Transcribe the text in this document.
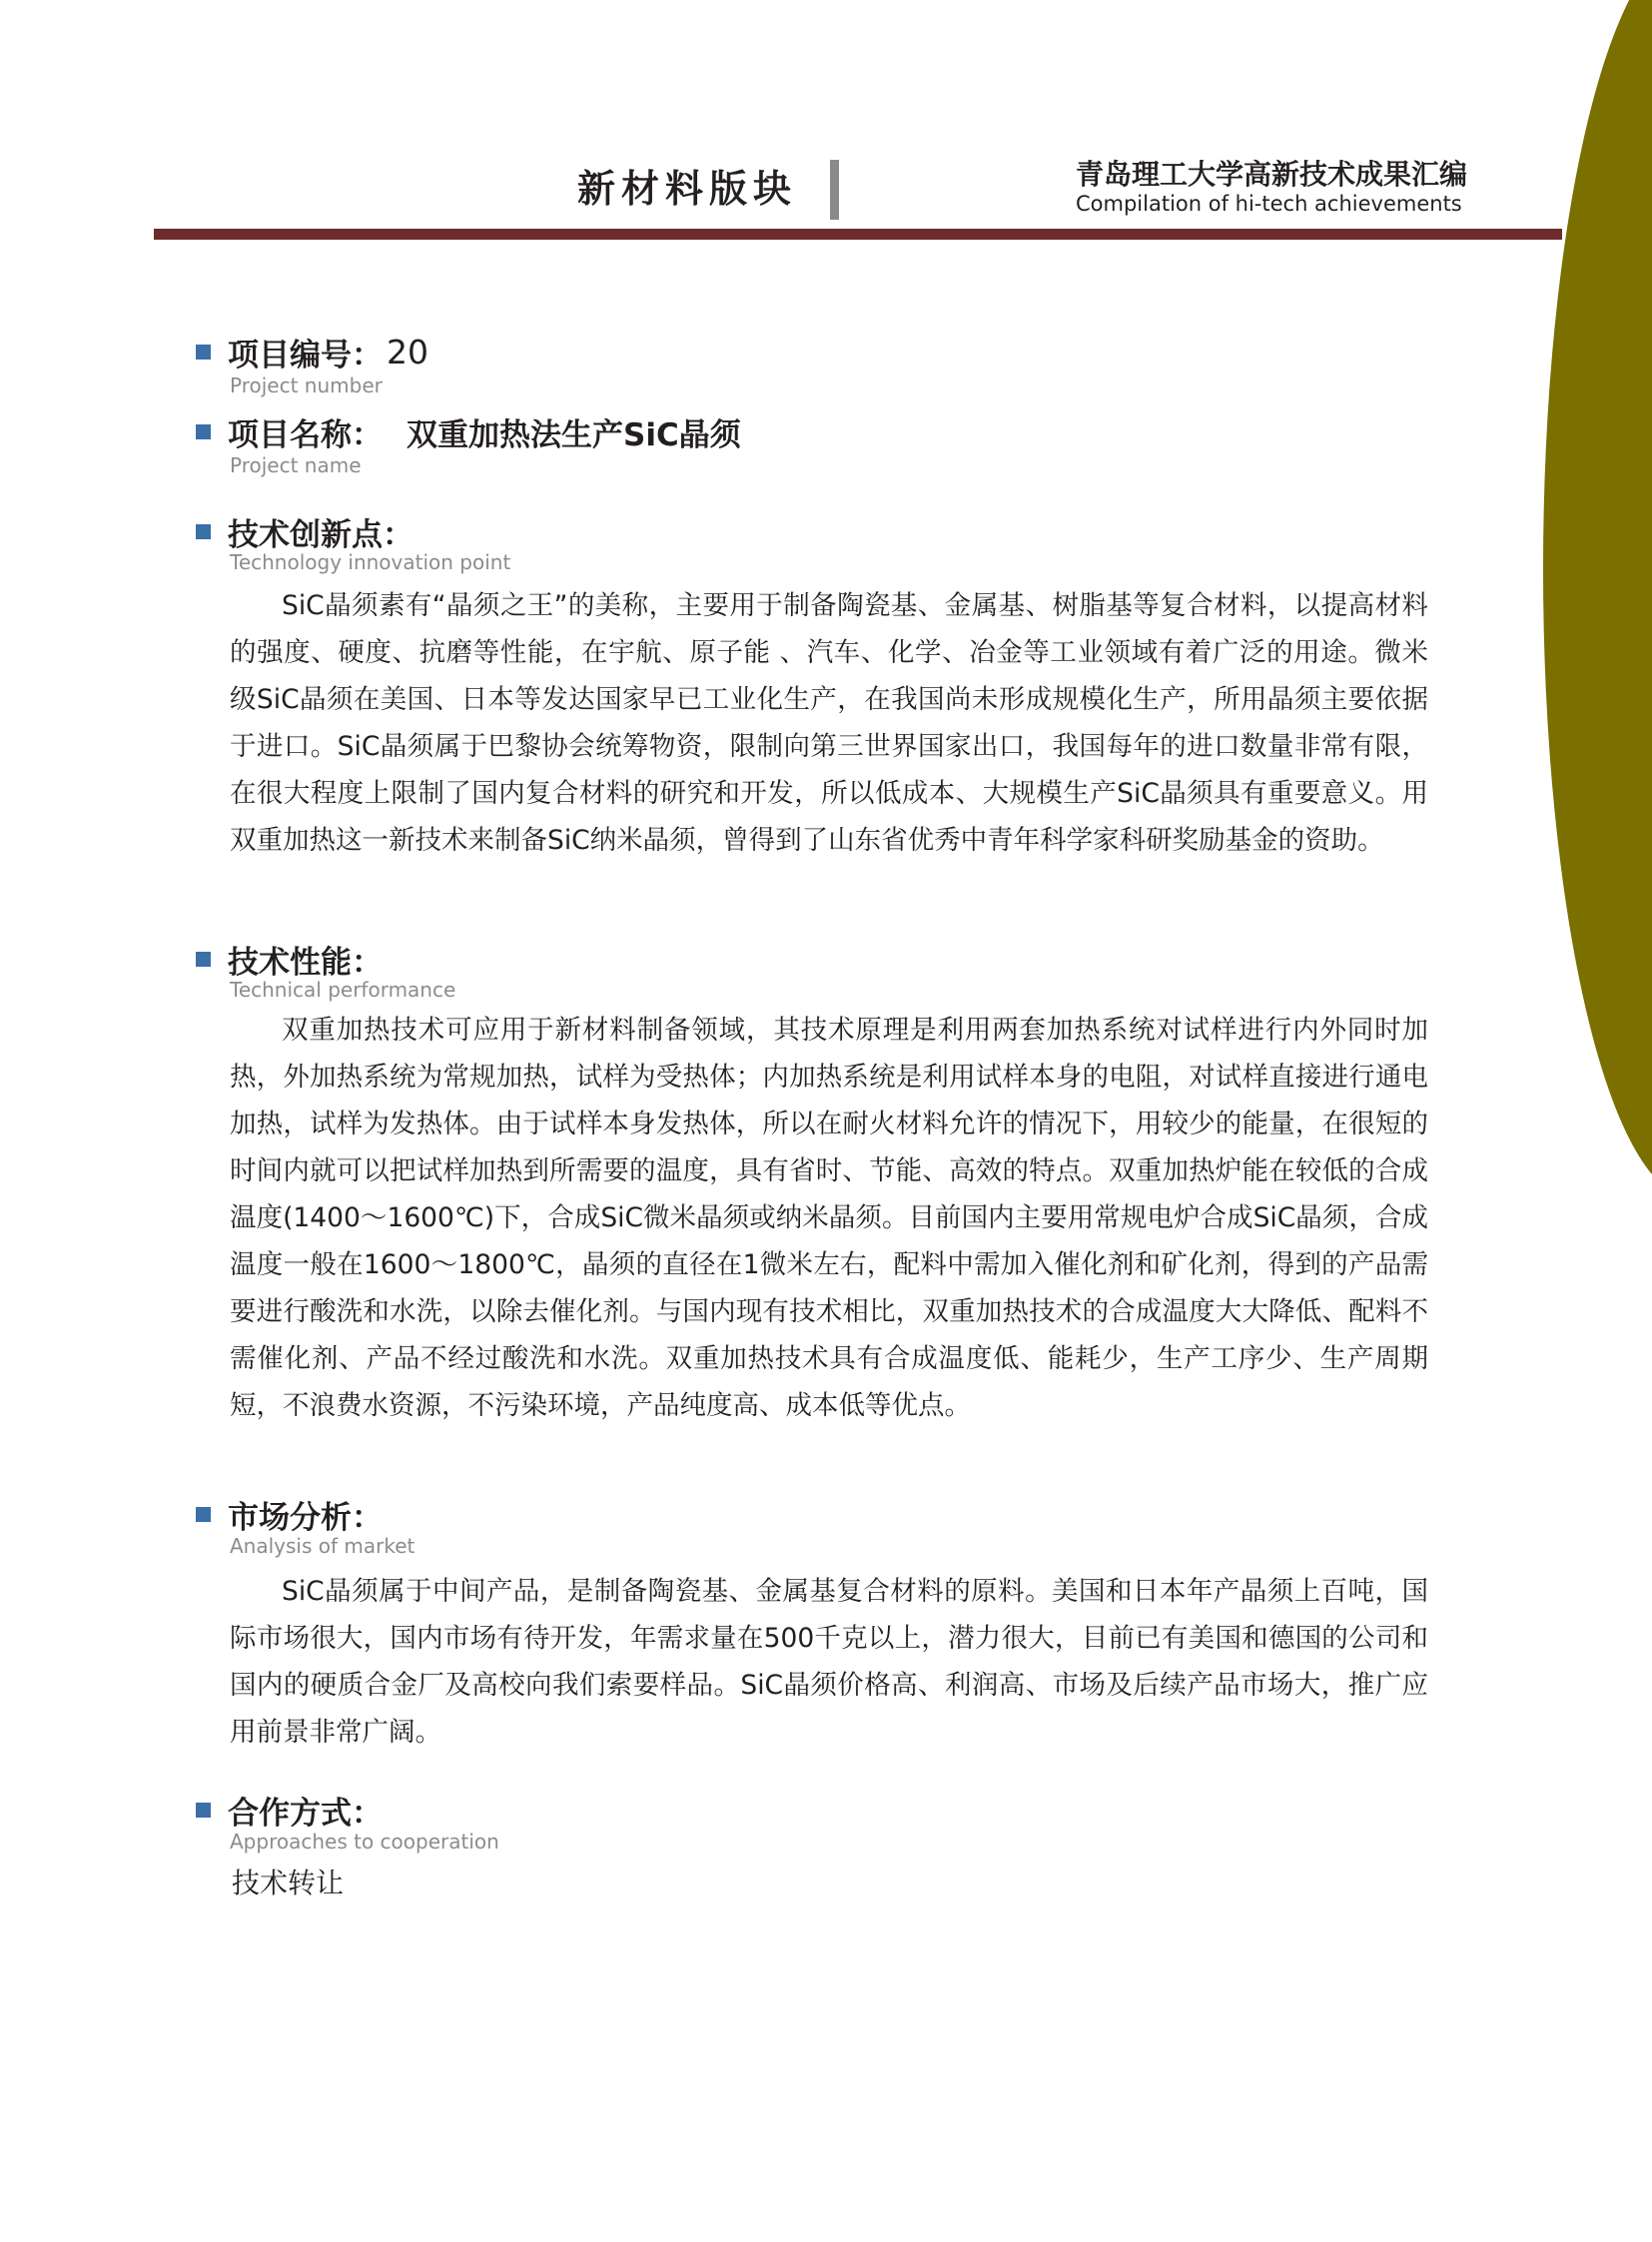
新材料版块	青岛理工大学高新技术成果汇编
Compilation of hi-tech achievements
项目编号： 20
Project number
项目名称： 双重加热法生产SiC晶须
Project name
技术创新点：
Technology innovation point
SiC晶须素有“晶须之王”的美称，主要用于制备陶瓷基、金属基、树脂基等复合材料，以提高材料的强度、硬度、抗磨等性能，在宇航、原子能 、汽车、化学、冶金等工业领域有着广泛的用途。微米级SiC晶须在美国、日本等发达国家早已工业化生产，在我国尚未形成规模化生产，所用晶须主要依据于进口。SiC晶须属于巴黎协会统筹物资，限制向第三世界国家出口，我国每年的进口数量非常有限，在很大程度上限制了国内复合材料的研究和开发，所以低成本、大规模生产SiC晶须具有重要意义。用双重加热这一新技术来制备SiC纳米晶须，曾得到了山东省优秀中青年科学家科研奖励基金的资助。
技术性能：
Technical performance
双重加热技术可应用于新材料制备领域，其技术原理是利用两套加热系统对试样进行内外同时加热，外加热系统为常规加热，试样为受热体；内加热系统是利用试样本身的电阻，对试样直接进行通电加热，试样为发热体。由于试样本身发热体，所以在耐火材料允许的情况下，用较少的能量，在很短的时间内就可以把试样加热到所需要的温度，具有省时、节能、高效的特点。双重加热炉能在较低的合成温度(1400～1600℃)下，合成SiC微米晶须或纳米晶须。目前国内主要用常规电炉合成SiC晶须，合成温度一般在1600～1800℃，晶须的直径在1微米左右，配料中需加入催化剂和矿化剂，得到的产品需要进行酸洗和水洗，以除去催化剂。与国内现有技术相比，双重加热技术的合成温度大大降低、配料不需催化剂、产品不经过酸洗和水洗。双重加热技术具有合成温度低、能耗少，生产工序少、生产周期短，不浪费水资源，不污染环境，产品纯度高、成本低等优点。
市场分析：
Analysis of market
SiC晶须属于中间产品，是制备陶瓷基、金属基复合材料的原料。美国和日本年产晶须上百吨，国际市场很大，国内市场有待开发，年需求量在500千克以上，潜力很大，目前已有美国和德国的公司和国内的硬质合金厂及高校向我们索要样品。SiC晶须价格高、利润高、市场及后续产品市场大，推广应用前景非常广阔。
合作方式：
Approaches to cooperation
技术转让
